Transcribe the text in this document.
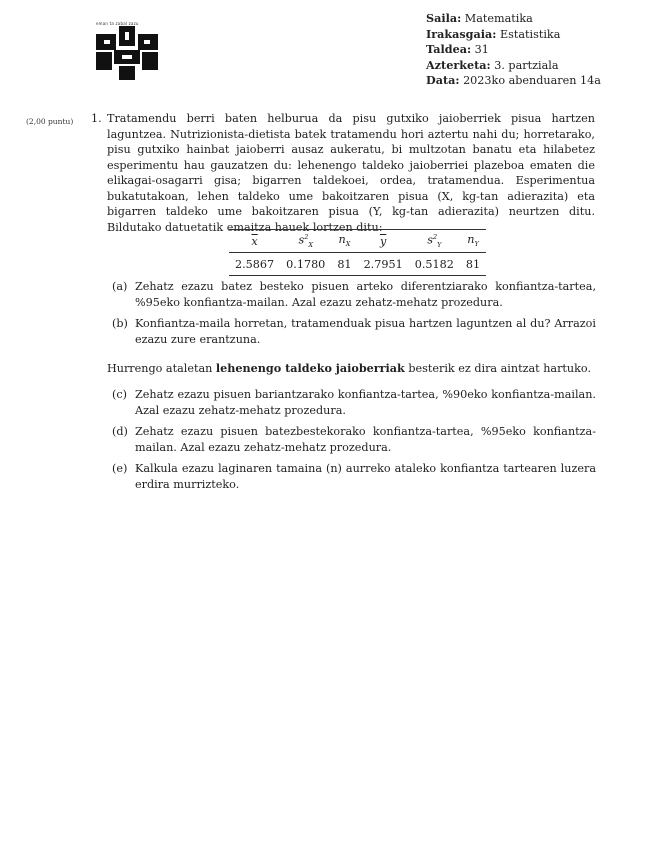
eman ta zabal zazu	Saila: Matematika
Irakasgaia: Estatistika
Taldea: 31
Azterketa: 3. partziala
Data: 2023ko abenduaren 14a
(2,00 puntu) 1. Tratamendu berri baten helburua da pisu gutxiko jaioberriek pisua hartzen laguntzea. Nutrizionista-dietista batek tratamendu hori aztertu nahi du; horretarako, pisu gutxiko hainbat jaioberri ausaz aukeratu, bi multzotan banatu eta hilabetez esperimentu hau gauzatzen du: lehenengo taldeko jaioberriei plazeboa ematen die elikagai-osagarri gisa; bigarren taldekoei, ordea, tratamendua. Esperimentua bukatutakoan, lehen taldeko ume bakoitzaren pisua (X, kg-tan adierazita) eta bigarren taldeko ume bakoitzaren pisua (Y, kg-tan adierazita) neurtzen ditu. Bildutako datuetatik emaitza hauek lortzen ditu:
$\overline{x}$	$s^2_X$	$n_X$	$\overline{y}$	$s^2_Y$	$n_Y$
2.5867	0.1780	81	2.7951	0.5182	81
(a) Zehatz ezazu batez besteko pisuen arteko diferentziarako konfiantza-tartea, %95eko konfiantza-mailan. Azal ezazu zehatz-mehatz prozedura.
(b) Konfiantza-maila horretan, tratamenduak pisua hartzen laguntzen al du? Arrazoi ezazu zure erantzuna.
Hurrengo ataletan lehenengo taldeko jaioberriak besterik ez dira aintzat hartuko.
(c) Zehatz ezazu pisuen bariantzarako konfiantza-tartea, %90eko konfiantza-mailan. Azal ezazu zehatz-mehatz prozedura.
(d) Zehatz ezazu pisuen batezbestekorako konfiantza-tartea, %95eko konfiantza-mailan. Azal ezazu zehatz-mehatz prozedura.
(e) Kalkula ezazu laginaren tamaina (n) aurreko ataleko konfiantza tartearen luzera erdira murrizteko.
